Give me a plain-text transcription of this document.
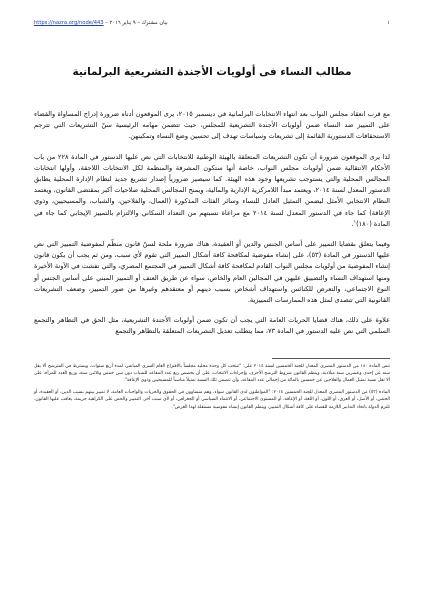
بيان مشترك – ٩ يناير ٢٠١٦ – https://nazra.org/node/443	١
مطالب النساء فى أولويات الأجندة التشريعية البرلمانية

مع قرب انعقاد مجلس النواب بعد انتهاء الانتخابات البرلمانية في ديسمبر ٢٠١٥، يرى الموقعون أدناه ضرورة إدراج المساواة والقضاء على التمييز ضد النساء ضمن أولويات الأجندة التشريعية للمجلس، حيث تتضمن مهامه الرئيسية سنّ التشريعات التي تترجم الاستحقاقات الدستورية القائمة إلى تشريعات وسياسات تهدف إلى تحسين وضع النساء وتمكينهن.

لذا يرى الموقعون ضرورة أن تكون التشريعات المتعلقة بالهيئة الوطنية للانتخابات التي نص عليها الدستور في المادة ٢٢٨ من باب الأحكام الانتقالية ضمن أولويات مجلس النواب، خاصة أنها ستكون المشرفة والمنظمة لكل الانتخابات اللاحقة، وأولها انتخابات المجالس المحلية والتي يستوجب تشريعها وجود هذه الهيئة. كما سيصير ضرورياً إصدار تشريع جديد لنظام الإدارة المحلية يطابق الدستور المعدل لسنة ٢٠١٤، ويعتمد مبدأ اللامركزية الإدارية والمالية، ويمنح المجالس المحلية صلاحيات أكبر بمقتضى القانون، ويعتمد النظام الانتخابي الأمثل ليضمن التمثيل العادل للنساء وسائر الفئات المذكورة (العمال، والفلاحين، والشباب، والمسيحيين، وذوي الإعاقة) كما جاء في الدستور المعدل لسنة ٢٠١٤ مع مراعاة نسبتهم من التعداد السكاني والالتزام بالتمييز الإيجابي كما جاء في المادة (١٨٠)$^١$.

وفيما يتعلق بقضايا التمييز على أساس الجنس والدين أو العقيدة، هناك ضرورة ملحة لسنّ قانون منظّم لمفوضية التمييز التي نص عليها الدستور في المادة (٥٣)، على إنشاء مفوضية لمكافحة كافة أشكال التمييز التي تقوم لأي سبب، ومن ثم يجب أن يكون قانون إنشاء المفوضية من أولويات مجلس النواب القادم لمكافحة كافة أشكال التمييز في المجتمع المصري، والتي تفشت في الآونة الأخيرة ومنها استهداف النساء والتضييق عليهن في المجالين العام والخاص، سواء عن طريق العنف أو التمييز المبني على أساس الجنس أو النوع الاجتماعي، والتعرض للكنائس واستهداف أشخاص بسبب دينهم أو معتقدهم وغيرها من صور التمييز، وضعف التشريعات القانونية التي تتصدى لمثل هذه الممارسات التمييزية.

علاوة على ذلك، هناك قضايا الحريات العامة التي يجب أن تكون ضمن أولويات الأجندة التشريعية، مثل الحق في التظاهر والتجمع السلمي التي نص عليه الدستور في المادة ٧٣، مما يتطلب تعديل التشريعات المتعلقة بالتظاهر والتجمع

تنص المادة ١٨٠ من الدستور المصري المعدل للجنة الخمسين لسنة ٢٠١٤ على: "تنتخب كل وحدة محلية مجلساً بالاقتراع العام السري المباشر، لمدة أربع سنوات، ويشترط في المترشح ألا يقل سنه عن إحدى وعشرين سنة ميلادية، وينظم القانون شروط الترشح الأخرى، وإجراءات الانتخاب، على أن يخصص ربع عدد المقاعد للشباب دون سن خمس وثلاثين سنة، وربع العدد للمرأة، على ألا تقل نسبة تمثيل العمال والفلاحين عن خمسين بالمائة من إجمالي عدد المقاعد، وأن تتضمن تلك النسبة تمثيلاً مناسباً للمسيحيين وذوي الإعاقة".

المادة (٥٣) من الدستور المصري المعدل للجنة الخمسين ٢٠١٤: "المواطنون لدى القانون سواء، وهم متساوون في الحقوق والحريات والواجبات العامة، لا تمييز بينهم بسبب الدين، أو العقيدة، أو الجنس، أو الأصل، أو العرق، أو اللون، أو اللغة، أو الإعاقة، أو المستوى الاجتماعي، أو الانتماء السياسي أو الجغرافي، أو لأي سبب آخر. التمييز والحض على الكراهية جريمة، يعاقب عليها القانون. تلتزم الدولة باتخاذ التدابير اللازمة للقضاء على كافة أشكال التمييز، وينظم القانون إنشاء مفوضية مستقلة لهذا الغرض".
